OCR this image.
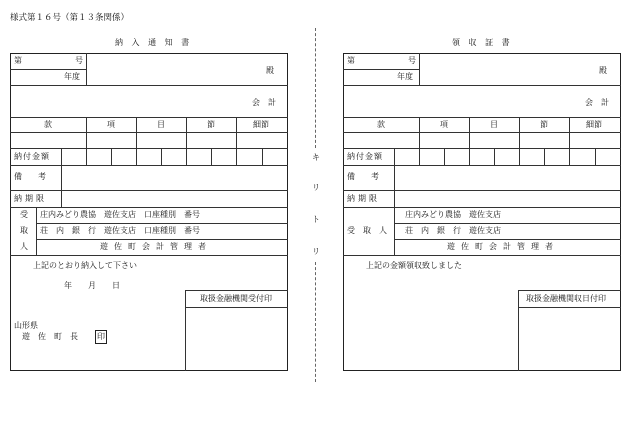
様式第１６号（第１３条関係）
キ
リ
ト
リ
納 入 通 知 書
第	号
年度
殿
会　計
款	項	目	節	細節
納付金額
備　　考
納期限
受
取
人
庄内みどり農協　遊佐支店　口座種別　番号
荘　内　銀　行　遊佐支店　口座種別　番号
遊佐町会計管理者
上記のとおり納入して下さい
年　　月　　日
取扱金融機関受付印
山形県
遊　佐　町　長 印
領 収 証 書
第	号
年度
殿
会　計
款	項	目	節	細節
納付金額
備　　考
納期限
受　取　人
庄内みどり農協　遊佐支店
荘　内　銀　行　遊佐支店
遊佐町会計管理者
上記の金額領収致しました
取扱金融機関収日付印
